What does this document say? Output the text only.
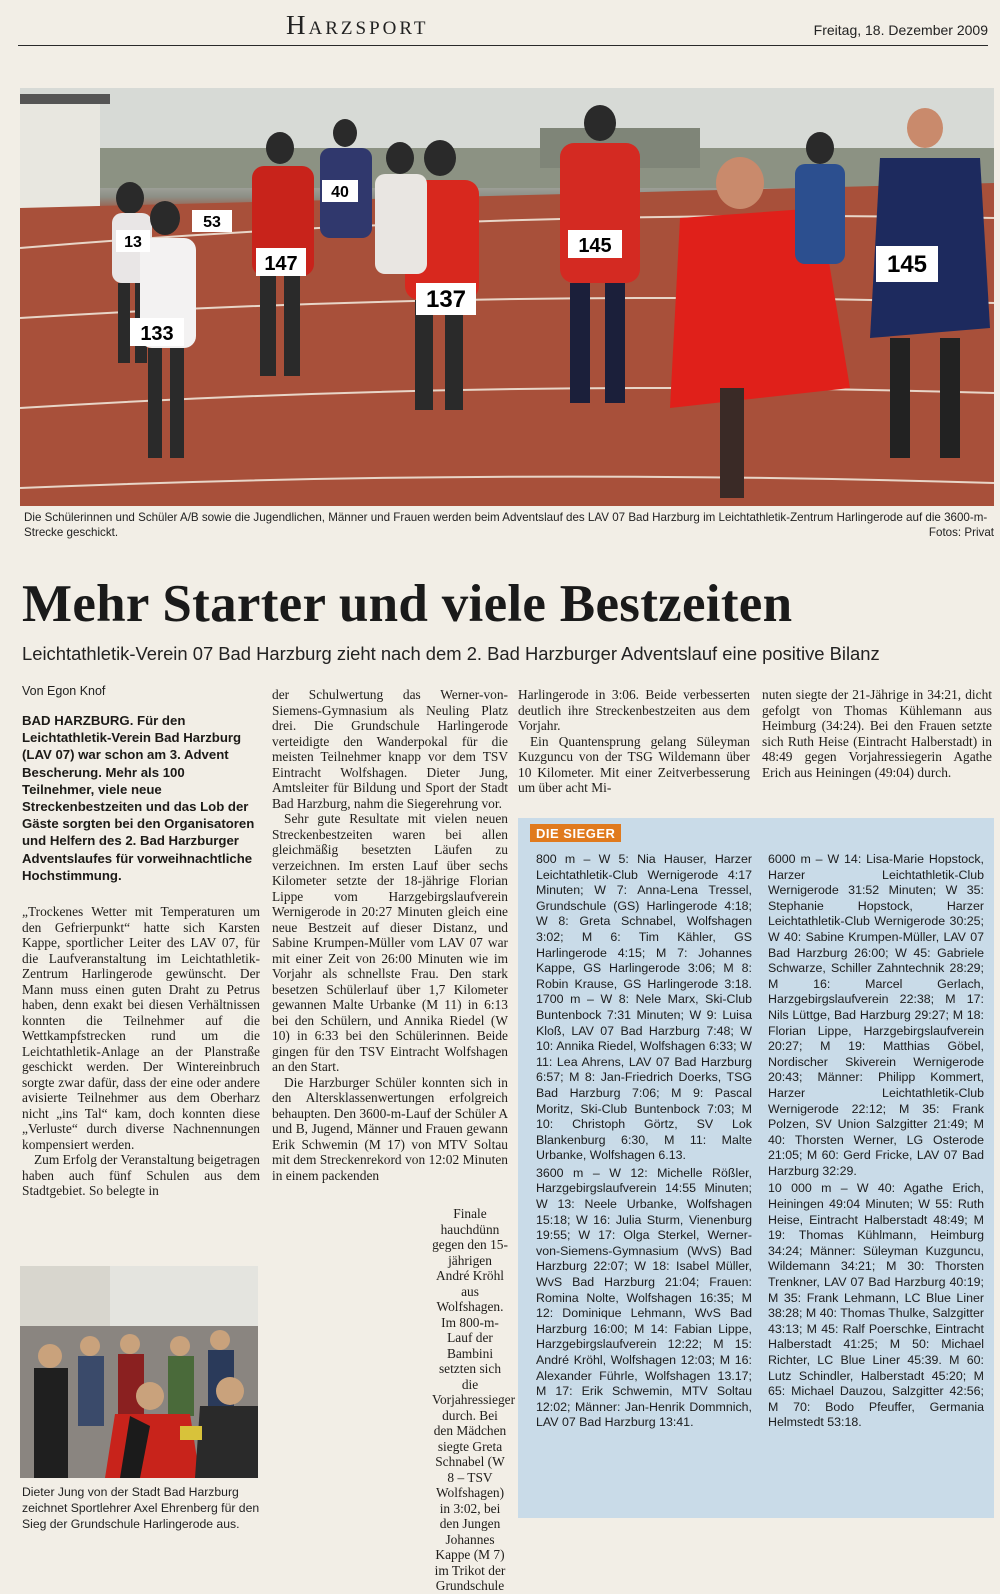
Harzsport	Freitag, 18. Dezember 2009
13
53
147
40
137
145
145
133
Die Schülerinnen und Schüler A/B sowie die Jugendlichen, Männer und Frauen werden beim Adventslauf des LAV 07 Bad Harzburg im Leichtathletik-Zentrum Harlingerode auf die 3600-m- Strecke geschickt.	Fotos: Privat
Mehr Starter und viele Bestzeiten
Leichtathletik-Verein 07 Bad Harzburg zieht nach dem 2. Bad Harzburger Adventslauf eine positive Bilanz
Von Egon Knof
BAD HARZBURG. Für den Leichtathletik-Verein Bad Harzburg (LAV 07) war schon am 3. Advent Bescherung. Mehr als 100 Teilnehmer, viele neue Streckenbestzeiten und das Lob der Gäste sorgten bei den Organisatoren und Helfern des 2. Bad Harzburger Adventslaufes für vorweihnachtliche Hochstimmung.

„Trockenes Wetter mit Temperaturen um den Gefrierpunkt“ hatte sich Karsten Kappe, sportlicher Leiter des LAV 07, für die Laufveranstaltung im Leichtathletik-Zentrum Harlingerode gewünscht. Der Mann muss einen guten Draht zu Petrus haben, denn exakt bei diesen Verhältnissen konnten die Teilnehmer auf die Wettkampfstrecken rund um die Leichtathletik-Anlage an der Planstraße geschickt werden. Der Wintereinbruch sorgte zwar dafür, dass der eine oder andere avisierte Teilnehmer aus dem Oberharz nicht „ins Tal“ kam, doch konnten diese „Verluste“ durch diverse Nachnennungen kompensiert werden.

Zum Erfolg der Veranstaltung beigetragen haben auch fünf Schulen aus dem Stadtgebiet. So belegte in

Dieter Jung von der Stadt Bad Harzburg zeichnet Sportlehrer Axel Ehrenberg für den Sieg der Grundschule Harlingerode aus.

der Schulwertung das Werner-von-Siemens-Gymnasium als Neuling Platz drei. Die Grundschule Harlingerode verteidigte den Wanderpokal für die meisten Teilnehmer knapp vor dem TSV Eintracht Wolfshagen. Dieter Jung, Amtsleiter für Bildung und Sport der Stadt Bad Harzburg, nahm die Siegerehrung vor.

Sehr gute Resultate mit vielen neuen Streckenbestzeiten waren bei allen gleichmäßig besetzten Läufen zu verzeichnen. Im ersten Lauf über sechs Kilometer setzte der 18-jährige Florian Lippe vom Harzgebirgslaufverein Wernigerode in 20:27 Minuten gleich eine neue Bestzeit auf dieser Distanz, und Sabine Krumpen-Müller vom LAV 07 war mit einer Zeit von 26:00 Minuten wie im Vorjahr als schnellste Frau. Den stark besetzen Schülerlauf über 1,7 Kilometer gewannen Malte Urbanke (M 11) in 6:13 bei den Schülern, und Annika Riedel (W 10) in 6:33 bei den Schülerinnen. Beide gingen für den TSV Eintracht Wolfshagen an den Start.

Die Harzburger Schüler konnten sich in den Altersklassenwertungen erfolgreich behaupten. Den 3600-m-Lauf der Schüler A und B, Jugend, Männer und Frauen gewann Erik Schwemin (M 17) von MTV Soltau mit dem Streckenrekord von 12:02 Minuten in einem packenden

Finale hauchdünn gegen den 15-jährigen André Kröhl aus Wolfshagen. Im 800-m-Lauf der Bambini setzten sich die Vorjahressieger durch. Bei den Mädchen siegte Greta Schnabel (W 8 – TSV Wolfshagen) in 3:02, bei den Jungen Johannes Kappe (M 7) im Trikot der Grundschule

Harlingerode in 3:06. Beide verbesserten deutlich ihre Streckenbestzeiten aus dem Vorjahr.

Ein Quantensprung gelang Süleyman Kuzguncu von der TSG Wildemann über 10 Kilometer. Mit einer Zeitverbesserung um über acht Mi-

nuten siegte der 21-Jährige in 34:21, dicht gefolgt von Thomas Kühlemann aus Heimburg (34:24). Bei den Frauen setzte sich Ruth Heise (Eintracht Halberstadt) in 48:49 gegen Vorjahressiegerin Agathe Erich aus Heiningen (49:04) durch.

DIE SIEGER

800 m – W 5: Nia Hauser, Harzer Leichtathletik-Club Wernigerode 4:17 Minuten; W 7: Anna-Lena Tressel, Grundschule (GS) Harlingerode 4:18; W 8: Greta Schnabel, Wolfshagen 3:02; M 6: Tim Kähler, GS Harlingerode 4:15; M 7: Johannes Kappe, GS Harlingerode 3:06; M 8: Robin Krause, GS Harlingerode 3:18. 1700 m – W 8: Nele Marx, Ski-Club Buntenbock 7:31 Minuten; W 9: Luisa Kloß, LAV 07 Bad Harzburg 7:48; W 10: Annika Riedel, Wolfshagen 6:33; W 11: Lea Ahrens, LAV 07 Bad Harzburg 6:57; M 8: Jan-Friedrich Doerks, TSG Bad Harzburg 7:06; M 9: Pascal Moritz, Ski-Club Buntenbock 7:03; M 10: Christoph Görtz, SV Lok Blankenburg 6:30, M 11: Malte Urbanke, Wolfshagen 6.13.

3600 m – W 12: Michelle Rößler, Harzgebirgslaufverein 14:55 Minuten; W 13: Neele Urbanke, Wolfshagen 15:18; W 16: Julia Sturm, Vienenburg 19:55; W 17: Olga Sterkel, Werner-von-Siemens-Gymnasium (WvS) Bad Harzburg 22:07; W 18: Isabel Müller, WvS Bad Harzburg 21:04; Frauen: Romina Nolte, Wolfshagen 16:35; M 12: Dominique Lehmann, WvS Bad Harzburg 16:00; M 14: Fabian Lippe, Harzgebirgslaufverein 12:22; M 15: André Kröhl, Wolfshagen 12:03; M 16: Alexander Führle, Wolfshagen 13.17; M 17: Erik Schwemin, MTV Soltau 12:02; Männer: Jan-Henrik Dommnich, LAV 07 Bad Harzburg 13:41.

6000 m – W 14: Lisa-Marie Hopstock, Harzer Leichtathletik-Club Wernigerode 31:52 Minuten; W 35: Stephanie Hopstock, Harzer Leichtathletik-Club Wernigerode 30:25; W 40: Sabine Krumpen-Müller, LAV 07 Bad Harzburg 26:00; W 45: Gabriele Schwarze, Schiller Zahntechnik 28:29; M 16: Marcel Gerlach, Harzgebirgslaufverein 22:38; M 17: Nils Lüttge, Bad Harzburg 29:27; M 18: Florian Lippe, Harzgebirgslaufverein 20:27; M 19: Matthias Göbel, Nordischer Skiverein Wernigerode 20:43; Männer: Philipp Kommert, Harzer Leichtathletik-Club Wernigerode 22:12; M 35: Frank Polzen, SV Union Salzgitter 21:49; M 40: Thorsten Werner, LG Osterode 21:05; M 60: Gerd Fricke, LAV 07 Bad Harzburg 32:29.

10 000 m – W 40: Agathe Erich, Heiningen 49:04 Minuten; W 55: Ruth Heise, Eintracht Halberstadt 48:49; M 19: Thomas Kühlmann, Heimburg 34:24; Männer: Süleyman Kuzguncu, Wildemann 34:21; M 30: Thorsten Trenkner, LAV 07 Bad Harzburg 40:19; M 35: Frank Lehmann, LC Blue Liner 38:28; M 40: Thomas Thulke, Salzgitter 43:13; M 45: Ralf Poerschke, Eintracht Halberstadt 41:25; M 50: Michael Richter, LC Blue Liner 45:39. M 60: Lutz Schindler, Halberstadt 45:20; M 65: Michael Dauzou, Salzgitter 42:56; M 70: Bodo Pfeuffer, Germania Helmstedt 53:18.
